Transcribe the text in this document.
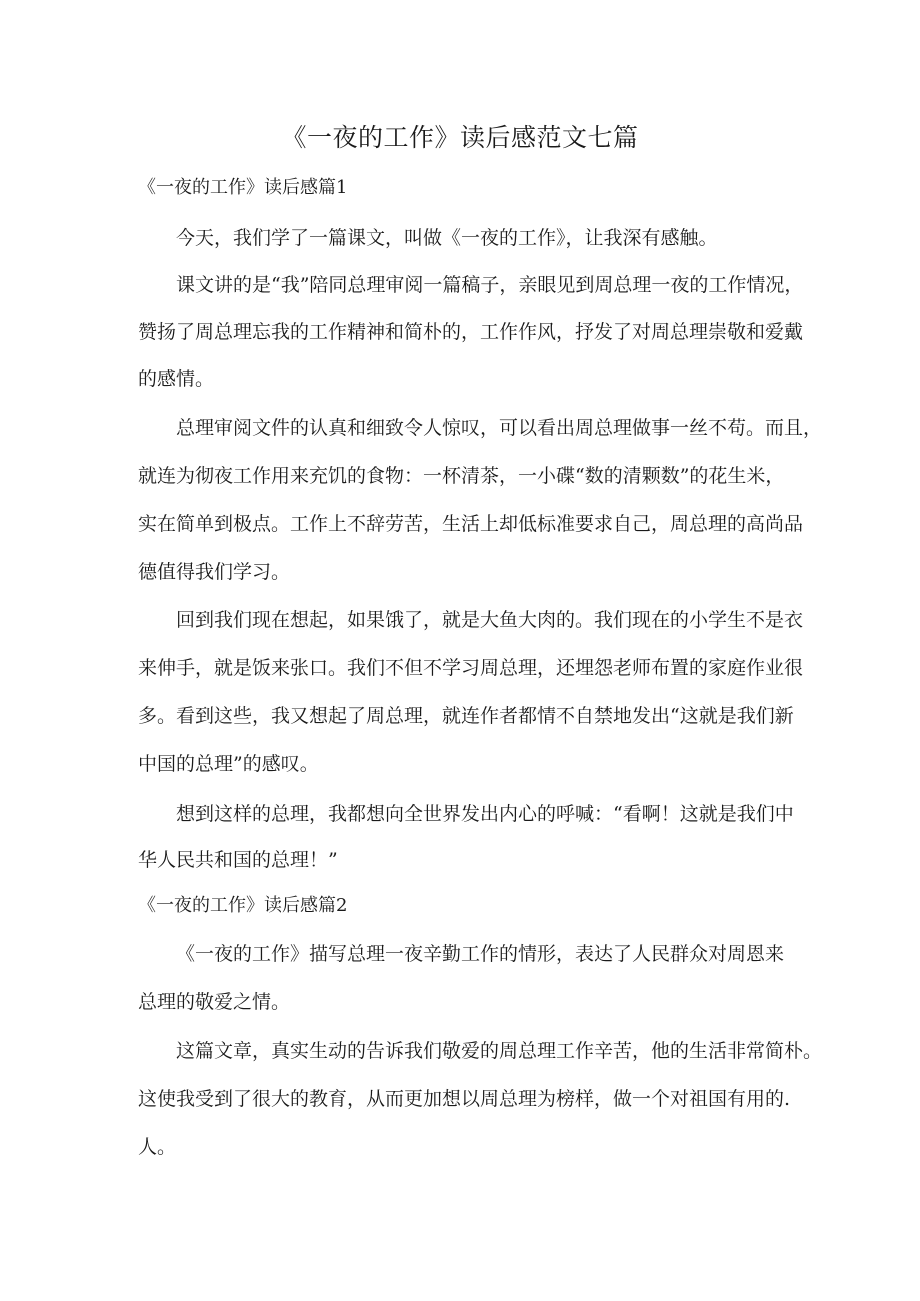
《一夜的工作》读后感范文七篇
《一夜的工作》读后感篇1
今天，我们学了一篇课文，叫做《一夜的工作》，让我深有感触。
课文讲的是“我”陪同总理审阅一篇稿子，亲眼见到周总理一夜的工作情况，
赞扬了周总理忘我的工作精神和简朴的，工作作风，抒发了对周总理崇敬和爱戴
的感情。
总理审阅文件的认真和细致令人惊叹，可以看出周总理做事一丝不苟。而且，
就连为彻夜工作用来充饥的食物：一杯清茶，一小碟“数的清颗数”的花生米，
实在简单到极点。工作上不辞劳苦，生活上却低标准要求自己，周总理的高尚品
德值得我们学习。
回到我们现在想起，如果饿了，就是大鱼大肉的。我们现在的小学生不是衣
来伸手，就是饭来张口。我们不但不学习周总理，还埋怨老师布置的家庭作业很
多。看到这些，我又想起了周总理，就连作者都情不自禁地发出“这就是我们新
中国的总理”的感叹。
想到这样的总理，我都想向全世界发出内心的呼喊：“看啊！这就是我们中
华人民共和国的总理！”
《一夜的工作》读后感篇2
《一夜的工作》描写总理一夜辛勤工作的情形，表达了人民群众对周恩来
总理的敬爱之情。
这篇文章，真实生动的告诉我们敬爱的周总理工作辛苦，他的生活非常简朴。
这使我受到了很大的教育，从而更加想以周总理为榜样，做一个对祖国有用的.
人。
